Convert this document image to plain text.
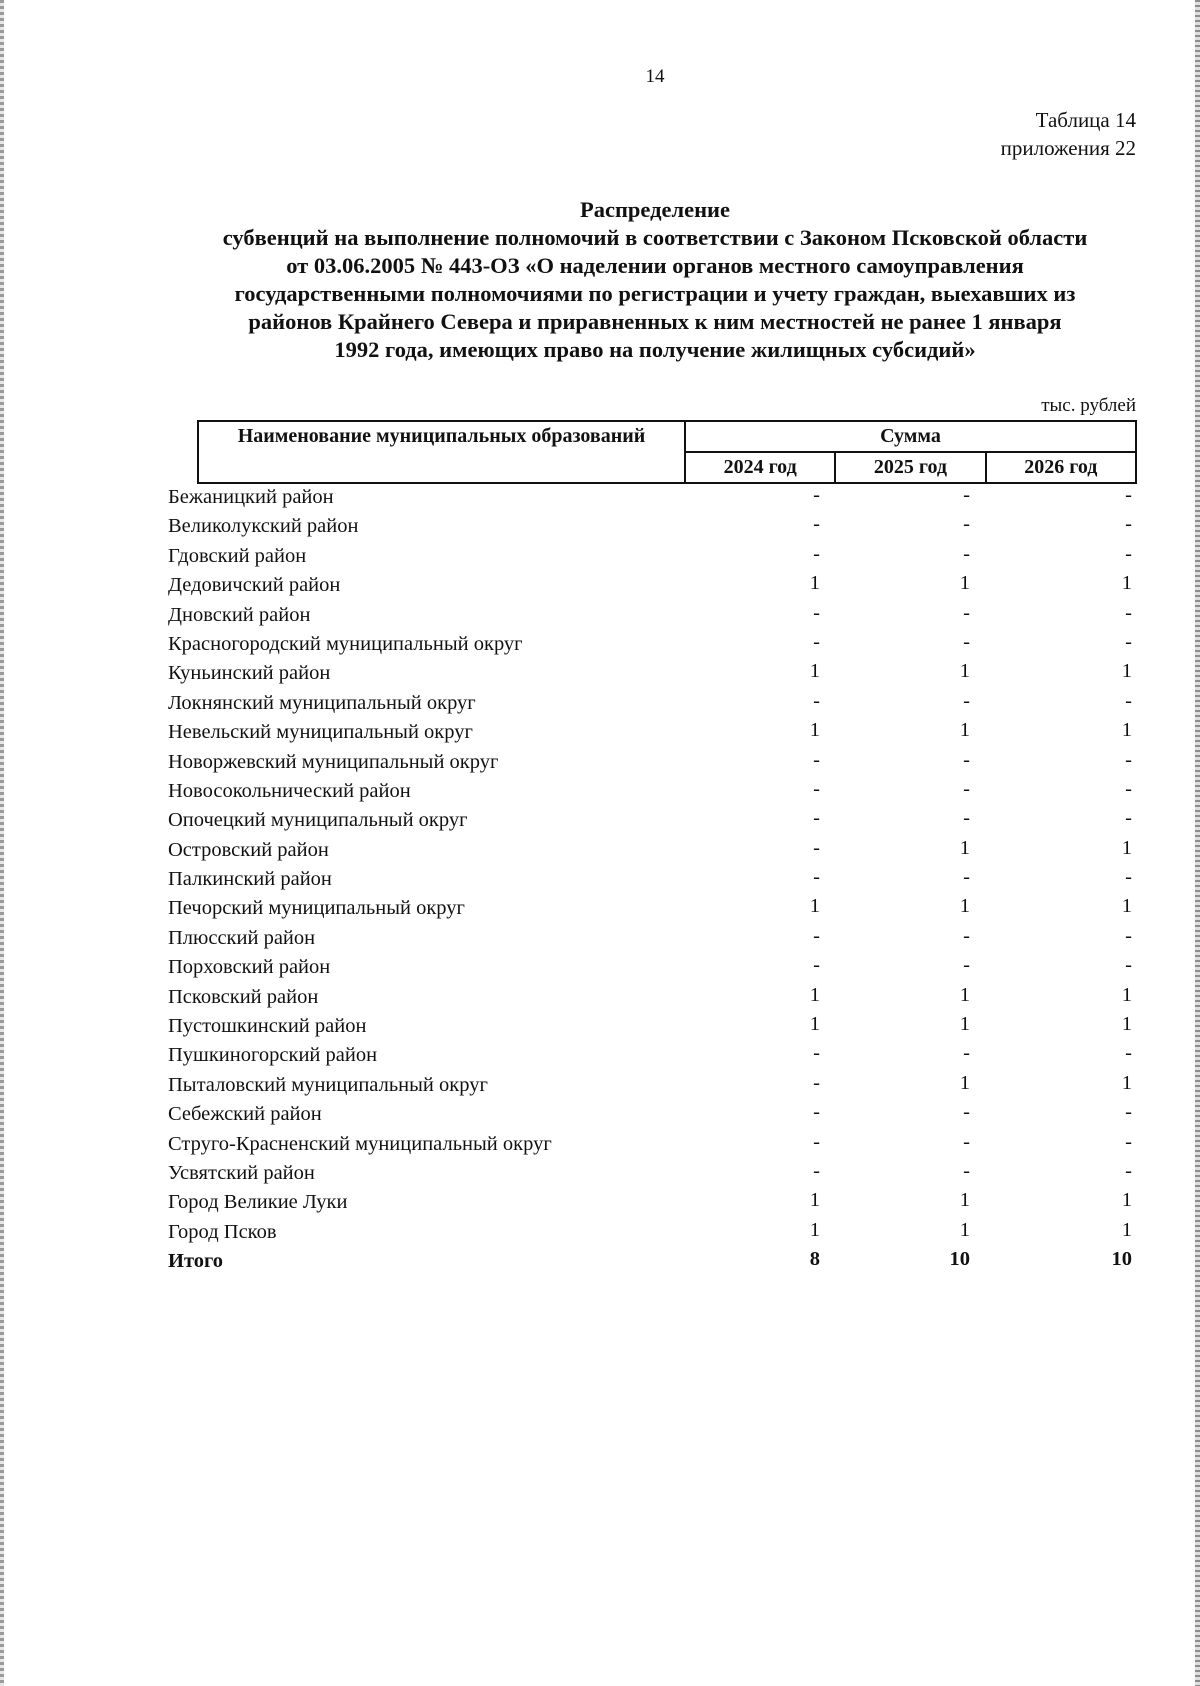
14
Таблица 14
приложения 22
Распределение
субвенций на выполнение полномочий в соответствии с Законом Псковской области
от 03.06.2005 № 443-ОЗ «О наделении органов местного самоуправления
государственными полномочиями по регистрации и учету граждан, выехавших из
районов Крайнего Севера и приравненных к ним местностей не ранее 1 января
1992 года, имеющих право на получение жилищных субсидий»
тыс. рублей
Наименование муниципальных образований	Сумма		
	2024 год	2025 год	2026 год
Бежаницкий район	-	-	-
Великолукский район	-	-	-
Гдовский район	-	-	-
Дедовичский район	1	1	1
Дновский район	-	-	-
Красногородский муниципальный округ	-	-	-
Куньинский район	1	1	1
Локнянский муниципальный округ	-	-	-
Невельский муниципальный округ	1	1	1
Новоржевский муниципальный округ	-	-	-
Новосокольнический район	-	-	-
Опочецкий муниципальный округ	-	-	-
Островский район	-	1	1
Палкинский район	-	-	-
Печорский муниципальный округ	1	1	1
Плюсский район	-	-	-
Порховский район	-	-	-
Псковский район	1	1	1
Пустошкинский район	1	1	1
Пушкиногорский район	-	-	-
Пыталовский муниципальный округ	-	1	1
Себежский район	-	-	-
Струго-Красненский муниципальный округ	-	-	-
Усвятский район	-	-	-
Город Великие Луки	1	1	1
Город Псков	1	1	1
Итого	8	10	10
